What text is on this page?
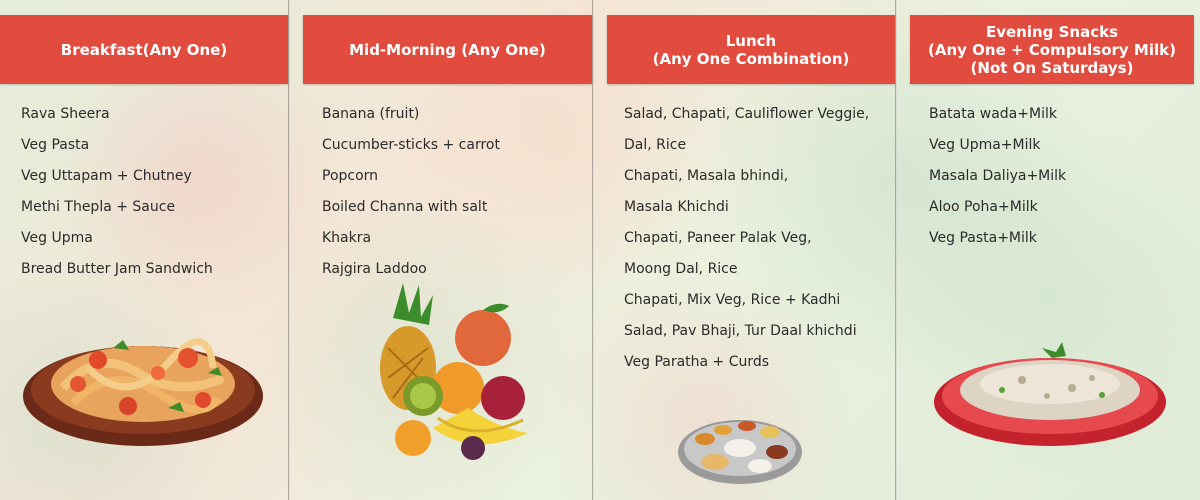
Breakfast(Any One)
Rava Sheera
Veg Pasta
Veg Uttapam + Chutney
Methi Thepla + Sauce
Veg Upma
Bread Butter Jam Sandwich
Mid-Morning (Any One)
Banana (fruit)
Cucumber-sticks + carrot
Popcorn
Boiled Channa with salt
Khakra
Rajgira Laddoo
Lunch
(Any One Combination)
Salad, Chapati, Cauliflower Veggie,
Dal, Rice
Chapati, Masala bhindi,
Masala Khichdi
Chapati, Paneer Palak Veg,
Moong Dal, Rice
Chapati, Mix Veg, Rice + Kadhi
Salad, Pav Bhaji, Tur Daal khichdi
Veg Paratha + Curds
Evening Snacks
(Any One + Compulsory Milk)
(Not On Saturdays)
Batata wada+Milk
Veg Upma+Milk
Masala Daliya+Milk
Aloo Poha+Milk
Veg Pasta+Milk
